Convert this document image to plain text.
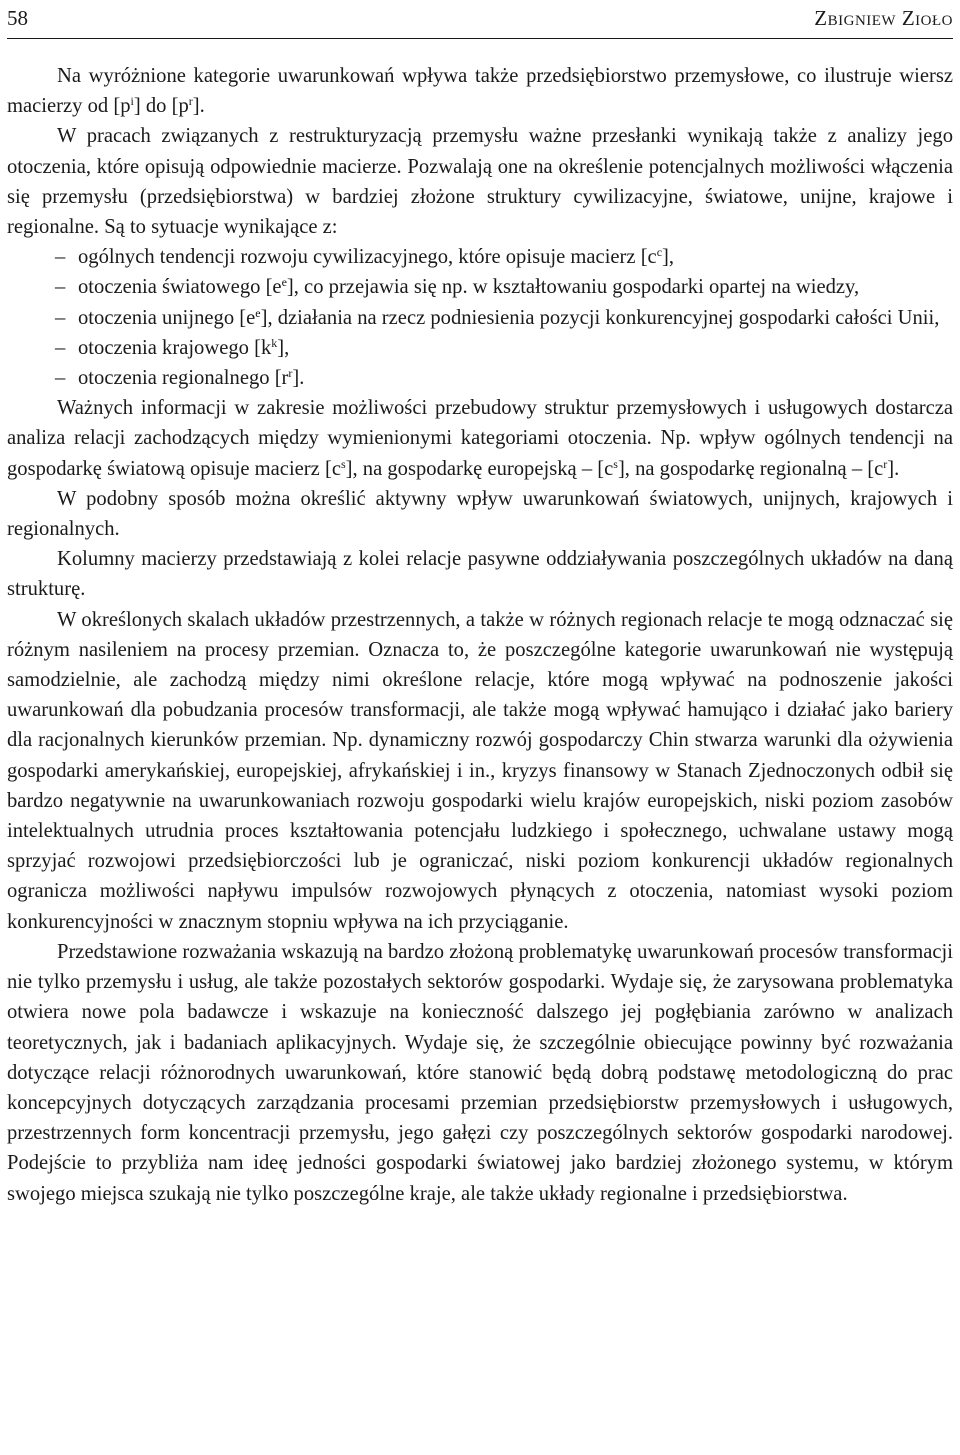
58	Zbigniew Zioło

Na wyróżnione kategorie uwarunkowań wpływa także przedsiębiorstwo przemysłowe, co ilustruje wiersz macierzy od $[p^i]$ do $[p^r]$.

W pracach związanych z restrukturyzacją przemysłu ważne przesłanki wynikają także z analizy jego otoczenia, które opisują odpowiednie macierze. Pozwalają one na określenie potencjalnych możliwości włączenia się przemysłu (przedsiębiorstwa) w bardziej złożone struktury cywilizacyjne, światowe, unijne, krajowe i regionalne. Są to sytuacje wynikające z:

– ogólnych tendencji rozwoju cywilizacyjnego, które opisuje macierz $[c^c]$,
– otoczenia światowego $[e^e]$, co przejawia się np. w kształtowaniu gospodarki opartej na wiedzy,
– otoczenia unijnego $[e^e]$, działania na rzecz podniesienia pozycji konkurencyjnej gospodarki całości Unii,
– otoczenia krajowego $[k^k]$,
– otoczenia regionalnego $[r^r]$.

Ważnych informacji w zakresie możliwości przebudowy struktur przemysłowych i usługowych dostarcza analiza relacji zachodzących między wymienionymi kategoriami otoczenia. Np. wpływ ogólnych tendencji na gospodarkę światową opisuje macierz $[c^s]$, na gospodarkę europejską – $[c^s]$, na gospodarkę regionalną – $[c^r]$.

W podobny sposób można określić aktywny wpływ uwarunkowań światowych, unijnych, krajowych i regionalnych.

Kolumny macierzy przedstawiają z kolei relacje pasywne oddziaływania poszczególnych układów na daną strukturę.

W określonych skalach układów przestrzennych, a także w różnych regionach relacje te mogą odznaczać się różnym nasileniem na procesy przemian. Oznacza to, że poszczególne kategorie uwarunkowań nie występują samodzielnie, ale zachodzą między nimi określone relacje, które mogą wpływać na podnoszenie jakości uwarunkowań dla pobudzania procesów transformacji, ale także mogą wpływać hamująco i działać jako bariery dla racjonalnych kierunków przemian. Np. dynamiczny rozwój gospodarczy Chin stwarza warunki dla ożywienia gospodarki amerykańskiej, europejskiej, afrykańskiej i in., kryzys finansowy w Stanach Zjednoczonych odbił się bardzo negatywnie na uwarunkowaniach rozwoju gospodarki wielu krajów europejskich, niski poziom zasobów intelektualnych utrudnia proces kształtowania potencjału ludzkiego i społecznego, uchwalane ustawy mogą sprzyjać rozwojowi przedsiębiorczości lub je ograniczać, niski poziom konkurencji układów regionalnych ogranicza możliwości napływu impulsów rozwojowych płynących z otoczenia, natomiast wysoki poziom konkurencyjności w znacznym stopniu wpływa na ich przyciąganie.

Przedstawione rozważania wskazują na bardzo złożoną problematykę uwarunkowań procesów transformacji nie tylko przemysłu i usług, ale także pozostałych sektorów gospodarki. Wydaje się, że zarysowana problematyka otwiera nowe pola badawcze i wskazuje na konieczność dalszego jej pogłębiania zarówno w analizach teoretycznych, jak i badaniach aplikacyjnych. Wydaje się, że szczególnie obiecujące powinny być rozważania dotyczące relacji różnorodnych uwarunkowań, które stanowić będą dobrą podstawę metodologiczną do prac koncepcyjnych dotyczących zarządzania procesami przemian przedsiębiorstw przemysłowych i usługowych, przestrzennych form koncentracji przemysłu, jego gałęzi czy poszczególnych sektorów gospodarki narodowej. Podejście to przybliża nam ideę jedności gospodarki światowej jako bardziej złożonego systemu, w którym swojego miejsca szukają nie tylko poszczególne kraje, ale także układy regionalne i przedsiębiorstwa.
